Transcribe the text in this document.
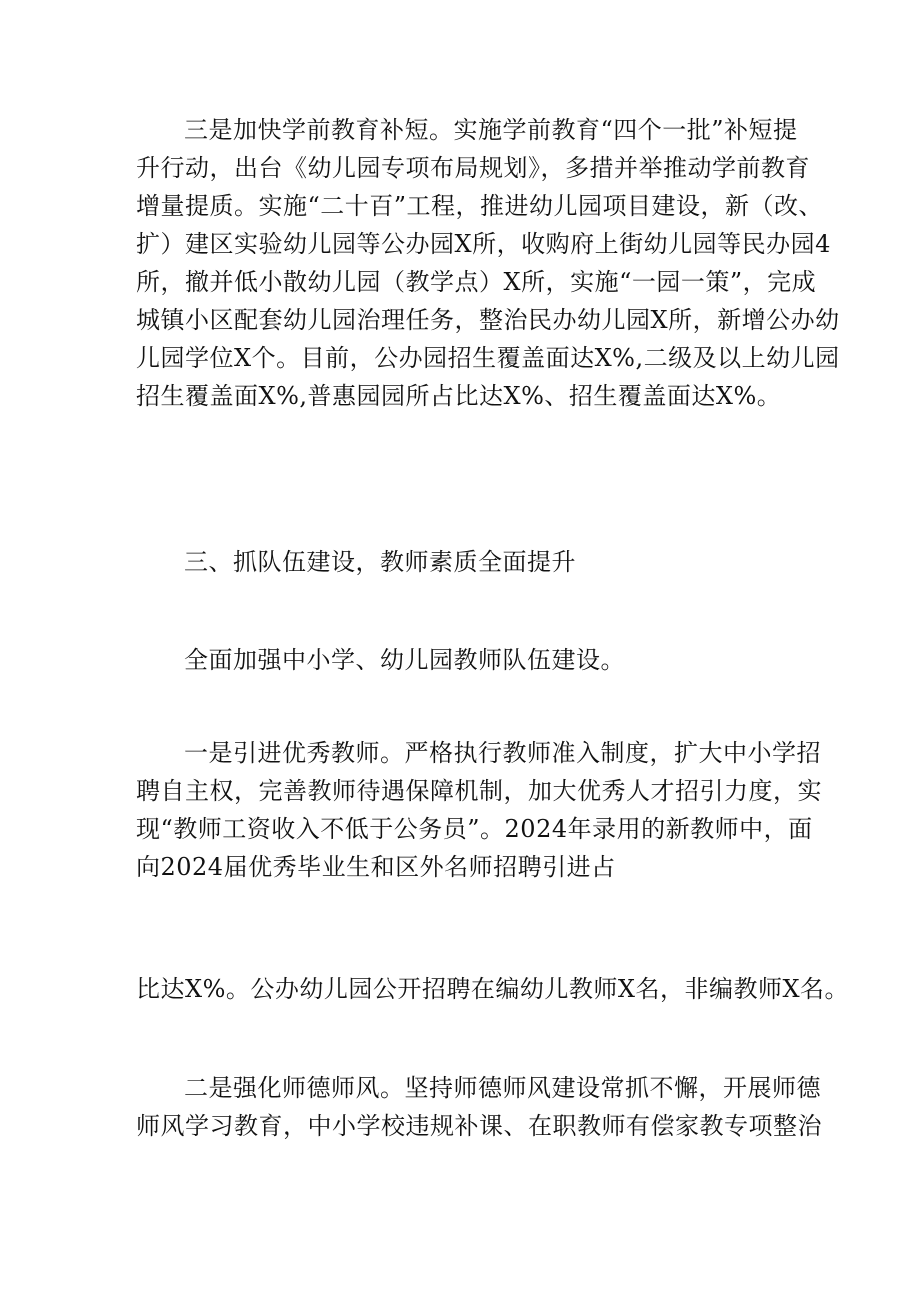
三是加快学前教育补短。实施学前教育“四个一批”补短提
升行动，出台《幼儿园专项布局规划》，多措并举推动学前教育
增量提质。实施“二十百”工程，推进幼儿园项目建设，新（改、
扩）建区实验幼儿园等公办园X所，收购府上街幼儿园等民办园4
所，撤并低小散幼儿园（教学点）X所，实施“一园一策”，完成
城镇小区配套幼儿园治理任务，整治民办幼儿园X所，新增公办幼
儿园学位X个。目前，公办园招生覆盖面达X%,二级及以上幼儿园
招生覆盖面X%,普惠园园所占比达X%、招生覆盖面达X%。

三、抓队伍建设，教师素质全面提升

全面加强中小学、幼儿园教师队伍建设。

一是引进优秀教师。严格执行教师准入制度，扩大中小学招
聘自主权，完善教师待遇保障机制，加大优秀人才招引力度，实
现“教师工资收入不低于公务员”。2024年录用的新教师中，面
向2024届优秀毕业生和区外名师招聘引进占

比达X%。公办幼儿园公开招聘在编幼儿教师X名，非编教师X名。

二是强化师德师风。坚持师德师风建设常抓不懈，开展师德
师风学习教育，中小学校违规补课、在职教师有偿家教专项整治
